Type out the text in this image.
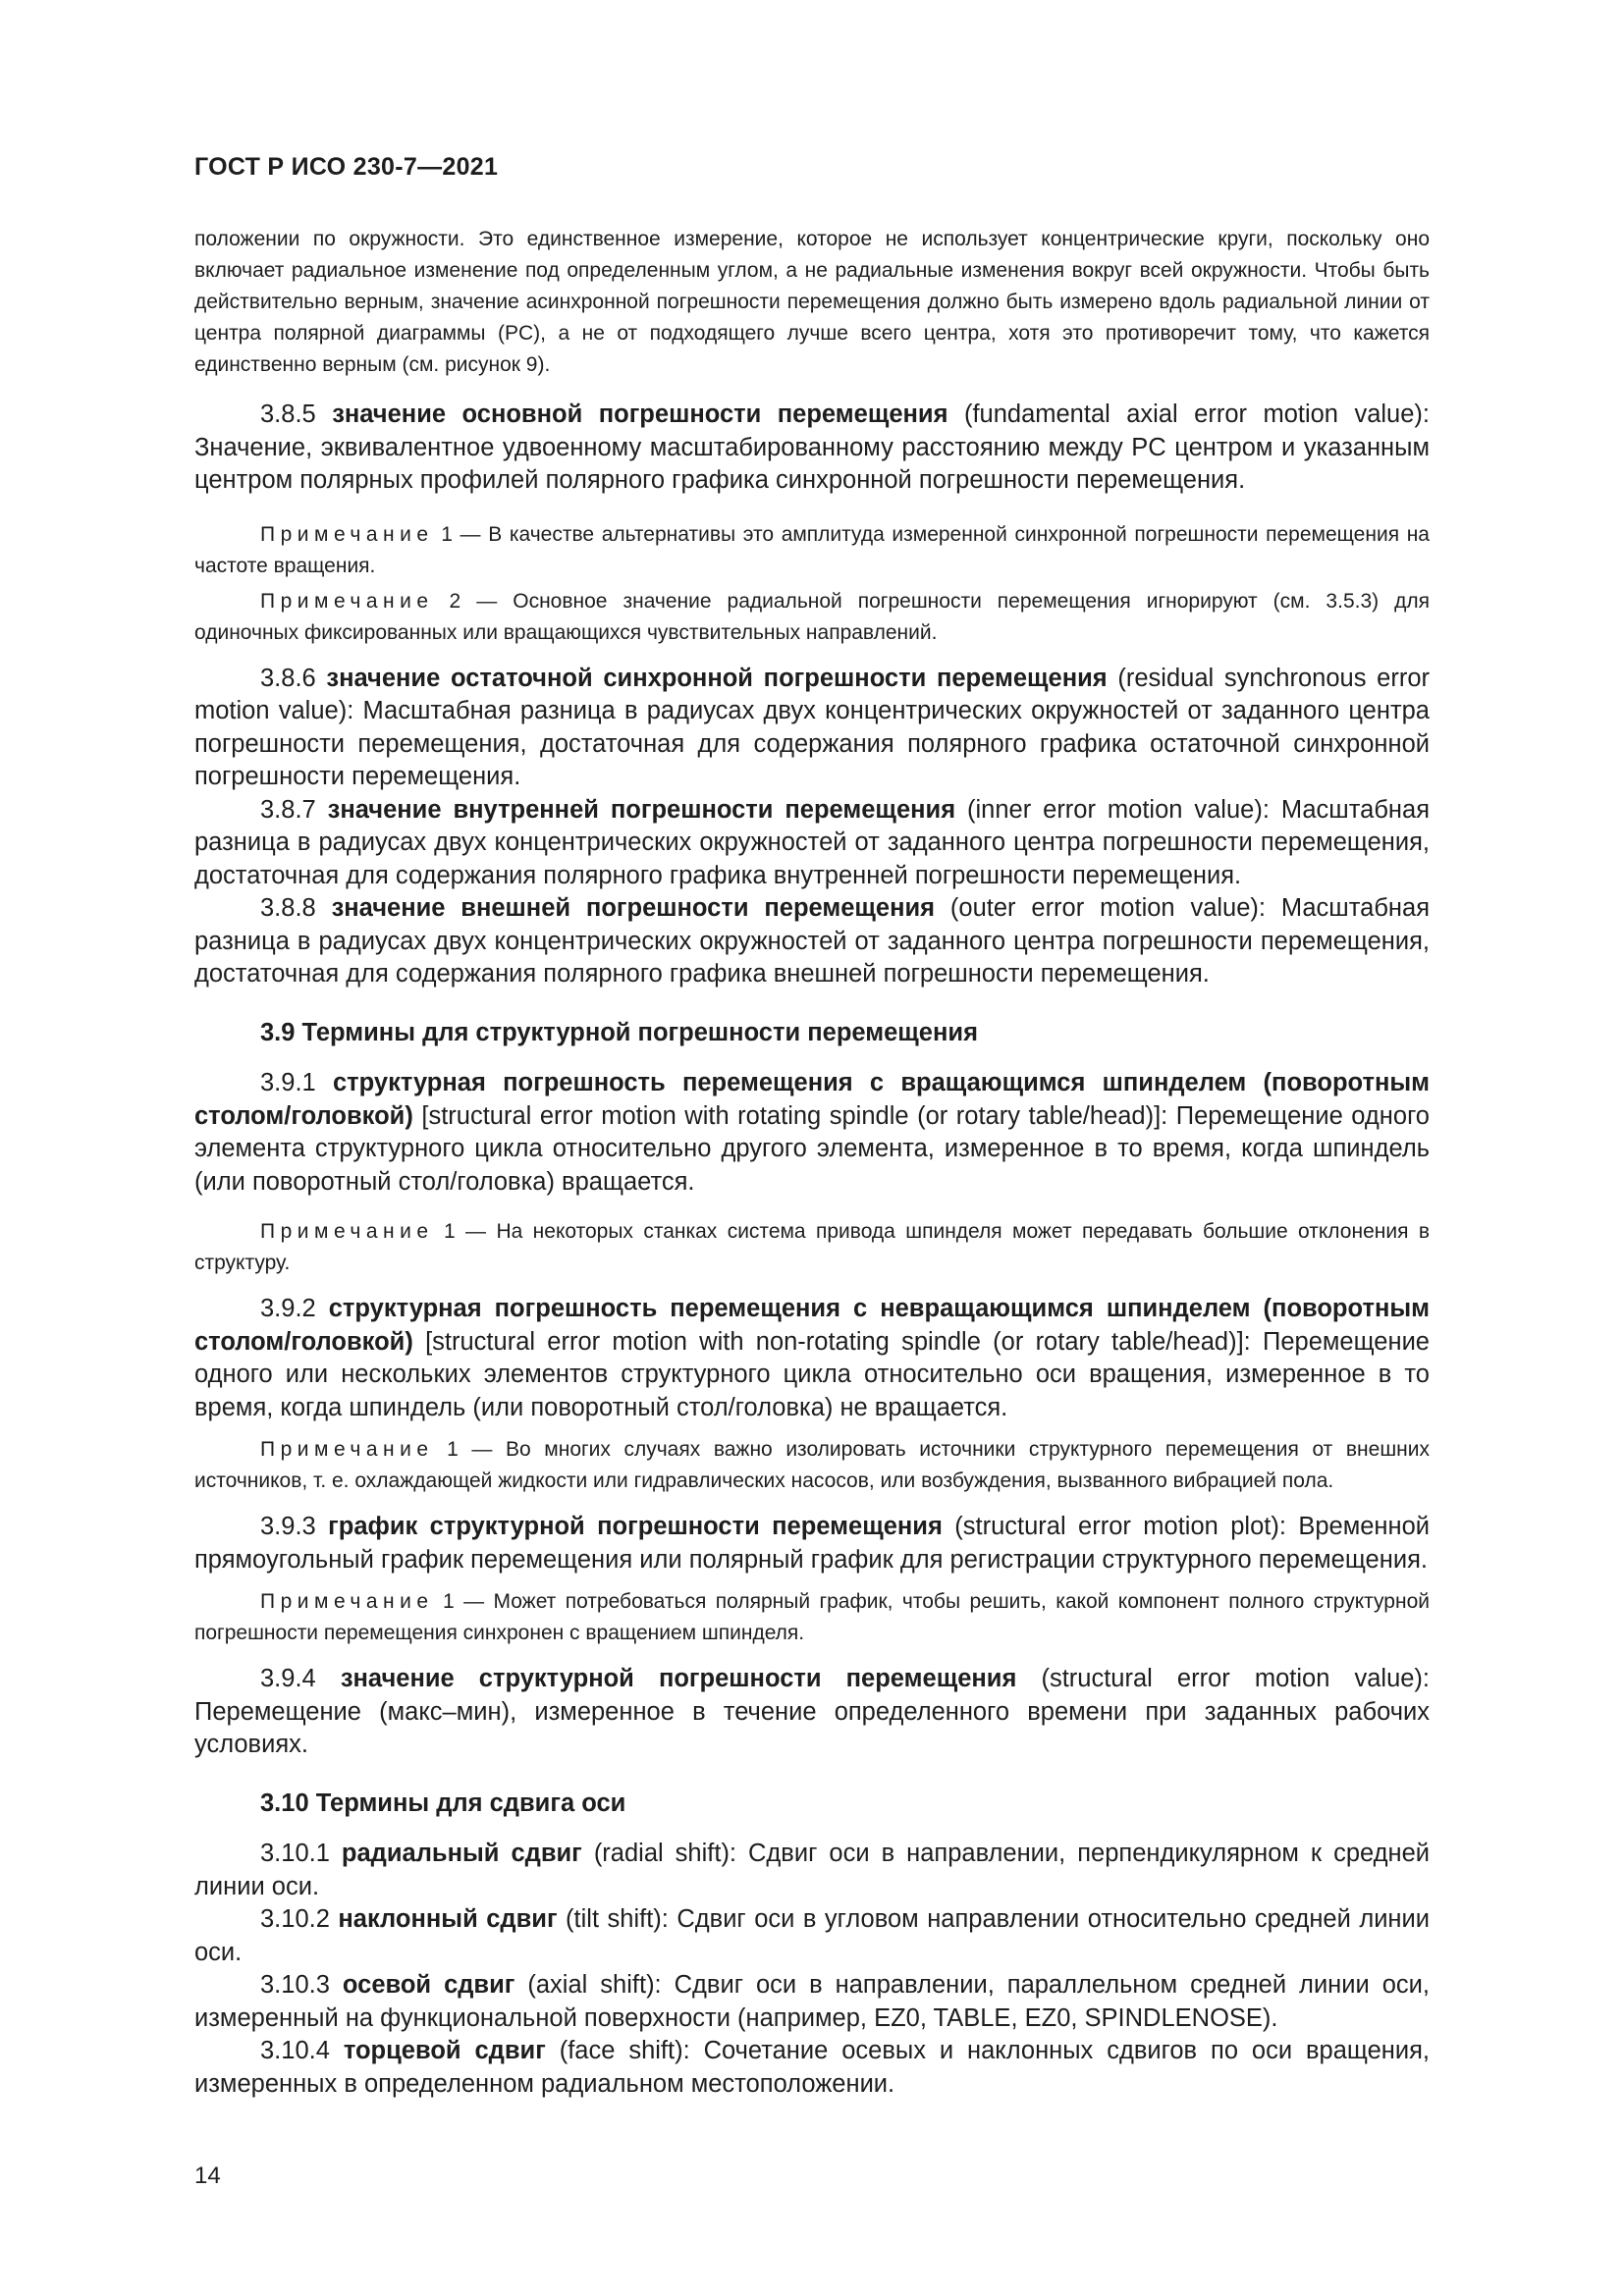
ГОСТ Р ИСО 230-7—2021

положении по окружности. Это единственное измерение, которое не использует концентрические круги, поскольку оно включает радиальное изменение под определенным углом, а не радиальные изменения вокруг всей окружности. Чтобы быть действительно верным, значение асинхронной погрешности перемещения должно быть измерено вдоль радиальной линии от центра полярной диаграммы (PC), а не от подходящего лучше всего центра, хотя это противоречит тому, что кажется единственно верным (см. рисунок 9).

3.8.5 значение основной погрешности перемещения (fundamental axial error motion value): Значение, эквивалентное удвоенному масштабированному расстоянию между PC центром и указанным центром полярных профилей полярного графика синхронной погрешности перемещения.

Примечание 1 — В качестве альтернативы это амплитуда измеренной синхронной погрешности перемещения на частоте вращения.

Примечание 2 — Основное значение радиальной погрешности перемещения игнорируют (см. 3.5.3) для одиночных фиксированных или вращающихся чувствительных направлений.

3.8.6 значение остаточной синхронной погрешности перемещения (residual synchronous error motion value): Масштабная разница в радиусах двух концентрических окружностей от заданного центра погрешности перемещения, достаточная для содержания полярного графика остаточной синхронной погрешности перемещения.

3.8.7 значение внутренней погрешности перемещения (inner error motion value): Масштабная разница в радиусах двух концентрических окружностей от заданного центра погрешности перемещения, достаточная для содержания полярного графика внутренней погрешности перемещения.

3.8.8 значение внешней погрешности перемещения (outer error motion value): Масштабная разница в радиусах двух концентрических окружностей от заданного центра погрешности перемещения, достаточная для содержания полярного графика внешней погрешности перемещения.

3.9 Термины для структурной погрешности перемещения

3.9.1 структурная погрешность перемещения с вращающимся шпинделем (поворотным столом/головкой) [structural error motion with rotating spindle (or rotary table/head)]: Перемещение одного элемента структурного цикла относительно другого элемента, измеренное в то время, когда шпиндель (или поворотный стол/головка) вращается.

Примечание 1 — На некоторых станках система привода шпинделя может передавать большие отклонения в структуру.

3.9.2 структурная погрешность перемещения с невращающимся шпинделем (поворотным столом/головкой) [structural error motion with non-rotating spindle (or rotary table/head)]: Перемещение одного или нескольких элементов структурного цикла относительно оси вращения, измеренное в то время, когда шпиндель (или поворотный стол/головка) не вращается.

Примечание 1 — Во многих случаях важно изолировать источники структурного перемещения от внешних источников, т. е. охлаждающей жидкости или гидравлических насосов, или возбуждения, вызванного вибрацией пола.

3.9.3 график структурной погрешности перемещения (structural error motion plot): Временной прямоугольный график перемещения или полярный график для регистрации структурного перемещения.

Примечание 1 — Может потребоваться полярный график, чтобы решить, какой компонент полного структурной погрешности перемещения синхронен с вращением шпинделя.

3.9.4 значение структурной погрешности перемещения (structural error motion value): Перемещение (макс–мин), измеренное в течение определенного времени при заданных рабочих условиях.

3.10 Термины для сдвига оси

3.10.1 радиальный сдвиг (radial shift): Сдвиг оси в направлении, перпендикулярном к средней линии оси.

3.10.2 наклонный сдвиг (tilt shift): Сдвиг оси в угловом направлении относительно средней линии оси.

3.10.3 осевой сдвиг (axial shift): Сдвиг оси в направлении, параллельном средней линии оси, измеренный на функциональной поверхности (например, EZ0, TABLE, EZ0, SPINDLENOSE).

3.10.4 торцевой сдвиг (face shift): Сочетание осевых и наклонных сдвигов по оси вращения, измеренных в определенном радиальном местоположении.

14
